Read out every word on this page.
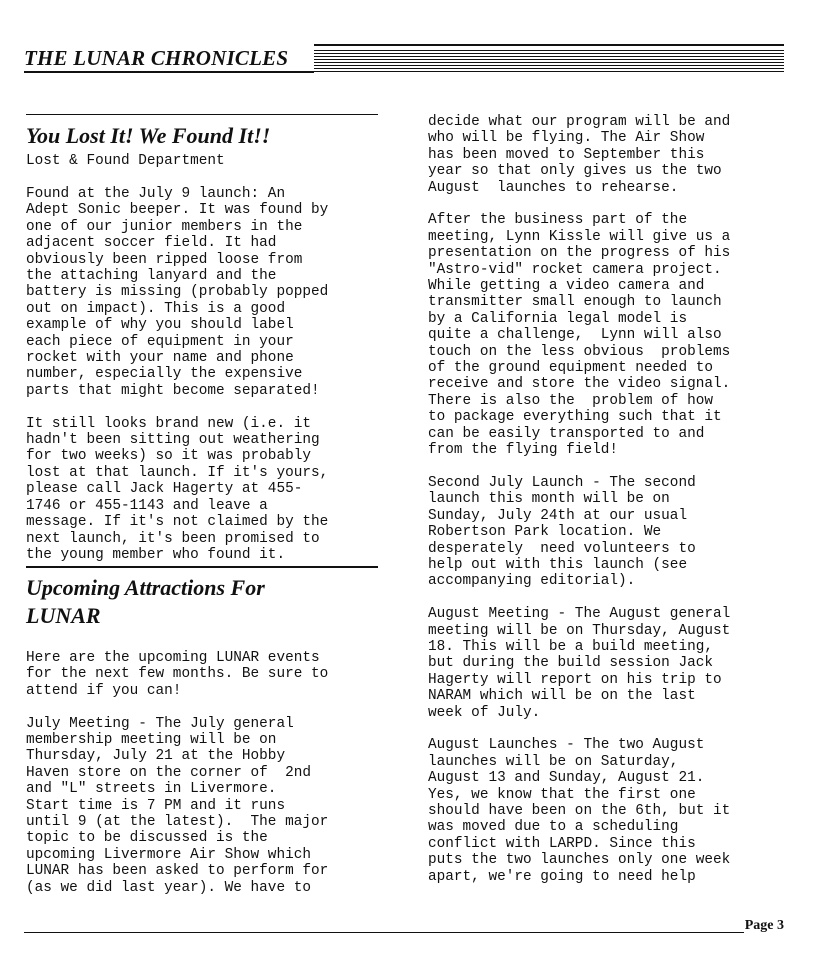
THE LUNAR CHRONICLES
You Lost It! We Found It!!
Lost & Found Department

Found at the July 9 launch: An
Adept Sonic beeper. It was found by
one of our junior members in the
adjacent soccer field. It had
obviously been ripped loose from
the attaching lanyard and the
battery is missing (probably popped
out on impact). This is a good
example of why you should label
each piece of equipment in your
rocket with your name and phone
number, especially the expensive
parts that might become separated!

It still looks brand new (i.e. it
hadn't been sitting out weathering
for two weeks) so it was probably
lost at that launch. If it's yours,
please call Jack Hagerty at 455-
1746 or 455-1143 and leave a
message. If it's not claimed by the
next launch, it's been promised to
the young member who found it.

Upcoming Attractions For
LUNAR

Here are the upcoming LUNAR events
for the next few months. Be sure to
attend if you can!

July Meeting - The July general
membership meeting will be on
Thursday, July 21 at the Hobby
Haven store on the corner of  2nd
and "L" streets in Livermore.
Start time is 7 PM and it runs
until 9 (at the latest).  The major
topic to be discussed is the
upcoming Livermore Air Show which
LUNAR has been asked to perform for
(as we did last year). We have to

decide what our program will be and
who will be flying. The Air Show
has been moved to September this
year so that only gives us the two
August  launches to rehearse.

After the business part of the
meeting, Lynn Kissle will give us a
presentation on the progress of his
"Astro-vid" rocket camera project.
While getting a video camera and
transmitter small enough to launch
by a California legal model is
quite a challenge,  Lynn will also
touch on the less obvious  problems
of the ground equipment needed to
receive and store the video signal.
There is also the  problem of how
to package everything such that it
can be easily transported to and
from the flying field!

Second July Launch - The second
launch this month will be on
Sunday, July 24th at our usual
Robertson Park location. We
desperately  need volunteers to
help out with this launch (see
accompanying editorial).

August Meeting - The August general
meeting will be on Thursday, August
18. This will be a build meeting,
but during the build session Jack
Hagerty will report on his trip to
NARAM which will be on the last
week of July.

August Launches - The two August
launches will be on Saturday,
August 13 and Sunday, August 21.
Yes, we know that the first one
should have been on the 6th, but it
was moved due to a scheduling
conflict with LARPD. Since this
puts the two launches only one week
apart, we're going to need help

Page 3
